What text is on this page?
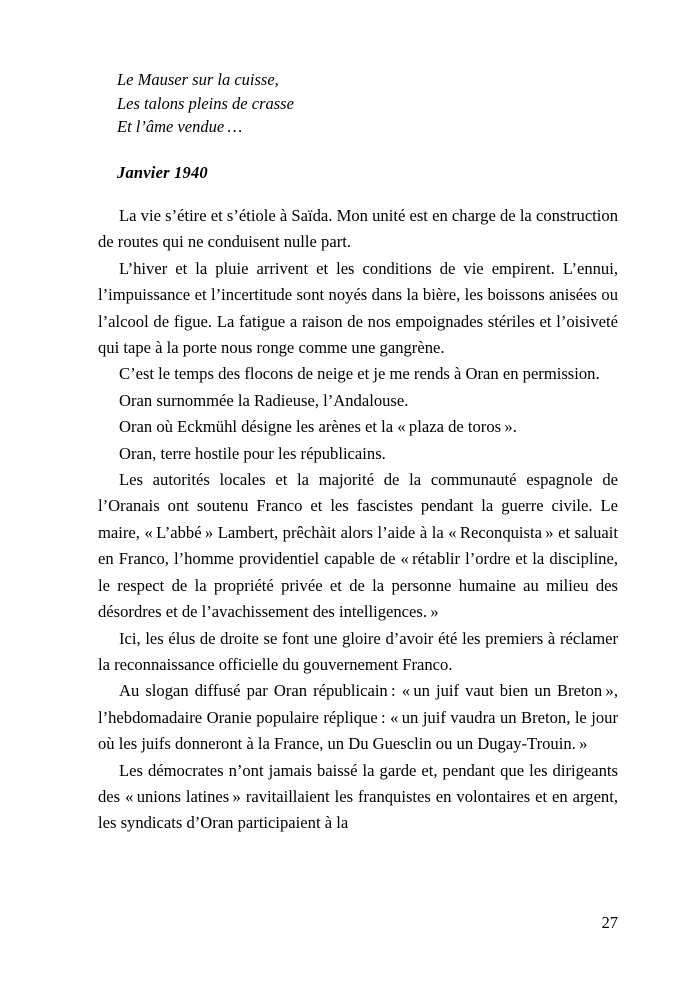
Le Mauser sur la cuisse,
Les talons pleins de crasse
Et l’âme vendue …
Janvier 1940

La vie s’étire et s’étiole à Saïda. Mon unité est en charge de la construction de routes qui ne conduisent nulle part.

L’hiver et la pluie arrivent et les conditions de vie empirent. L’ennui, l’impuissance et l’incertitude sont noyés dans la bière, les boissons anisées ou l’alcool de figue. La fatigue a raison de nos empoignades stériles et l’oisiveté qui tape à la porte nous ronge comme une gangrène.

C’est le temps des flocons de neige et je me rends à Oran en permission.

Oran surnommée la Radieuse, l’Andalouse.

Oran où Eckmühl désigne les arènes et la « plaza de toros ».

Oran, terre hostile pour les républicains.

Les autorités locales et la majorité de la communauté espagnole de l’Oranais ont soutenu Franco et les fascistes pendant la guerre civile. Le maire, « L’abbé » Lambert, prêchàit alors l’aide à la « Reconquista » et saluait en Franco, l’homme providentiel capable de « rétablir l’ordre et la discipline, le respect de la propriété privée et de la personne humaine au milieu des désordres et de l’avachissement des intelligences. »

Ici, les élus de droite se font une gloire d’avoir été les premiers à réclamer la reconnaissance officielle du gouvernement Franco.

Au slogan diffusé par Oran républicain : « un juif vaut bien un Breton », l’hebdomadaire Oranie populaire réplique : « un juif vaudra un Breton, le jour où les juifs donneront à la France, un Du Guesclin ou un Dugay-Trouin. »

Les démocrates n’ont jamais baissé la garde et, pendant que les dirigeants des « unions latines » ravitaillaient les franquistes en volontaires et en argent, les syndicats d’Oran participaient à la

27
